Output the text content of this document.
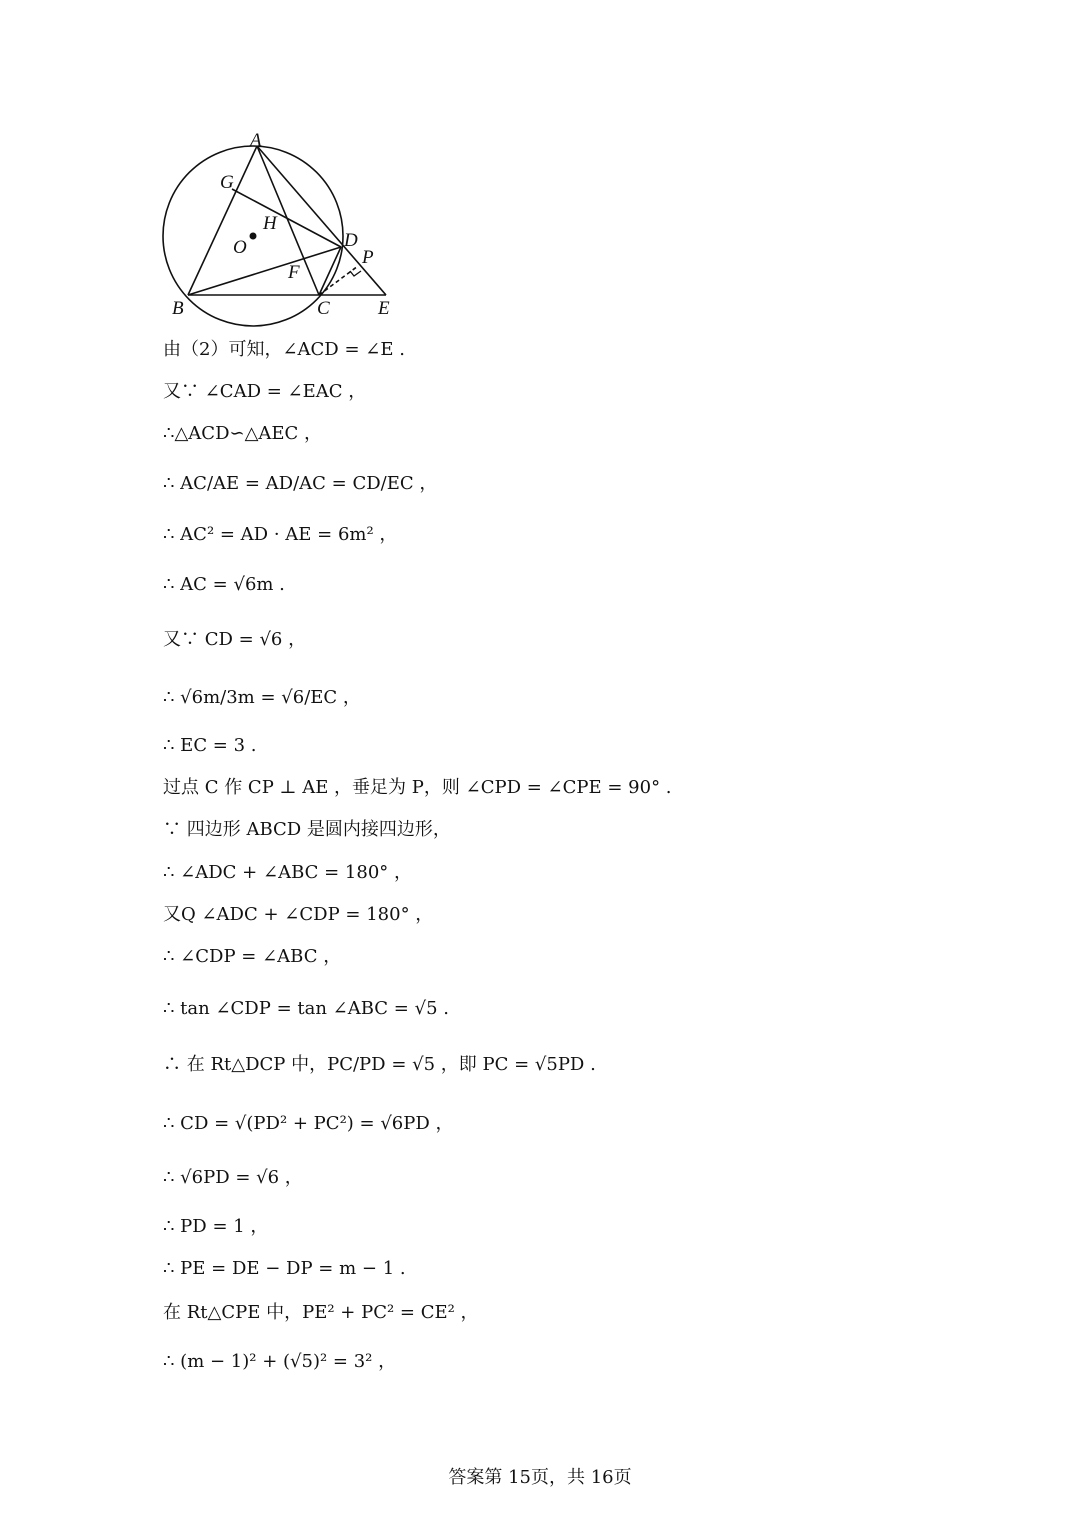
A
G
H
O	D
P
F
B	C	E
由（2）可知，∠ACD = ∠E .
又∵ ∠CAD = ∠EAC ，
∴△ACD∽△AEC ，
∴ AC/AE = AD/AC = CD/EC ，
∴ AC² = AD · AE = 6m² ，
∴ AC = √6m .
又∵ CD = √6 ，
∴ √6m/3m = √6/EC ，
∴ EC = 3 .
过点 C 作 CP ⊥ AE ，垂足为 P，则 ∠CPD = ∠CPE = 90° .
∵ 四边形 ABCD 是圆内接四边形，
∴ ∠ADC + ∠ABC = 180° ，
又Q ∠ADC + ∠CDP = 180° ，
∴ ∠CDP = ∠ABC ，
∴ tan ∠CDP = tan ∠ABC = √5 .
∴ 在 Rt△DCP 中，PC/PD = √5 ，即 PC = √5PD .
∴ CD = √(PD² + PC²) = √6PD ，
∴ √6PD = √6 ，
∴ PD = 1 ，
∴ PE = DE − DP = m − 1 .
在 Rt△CPE 中，PE² + PC² = CE² ，
∴ (m − 1)² + (√5)² = 3² ，
答案第 15页，共 16页
